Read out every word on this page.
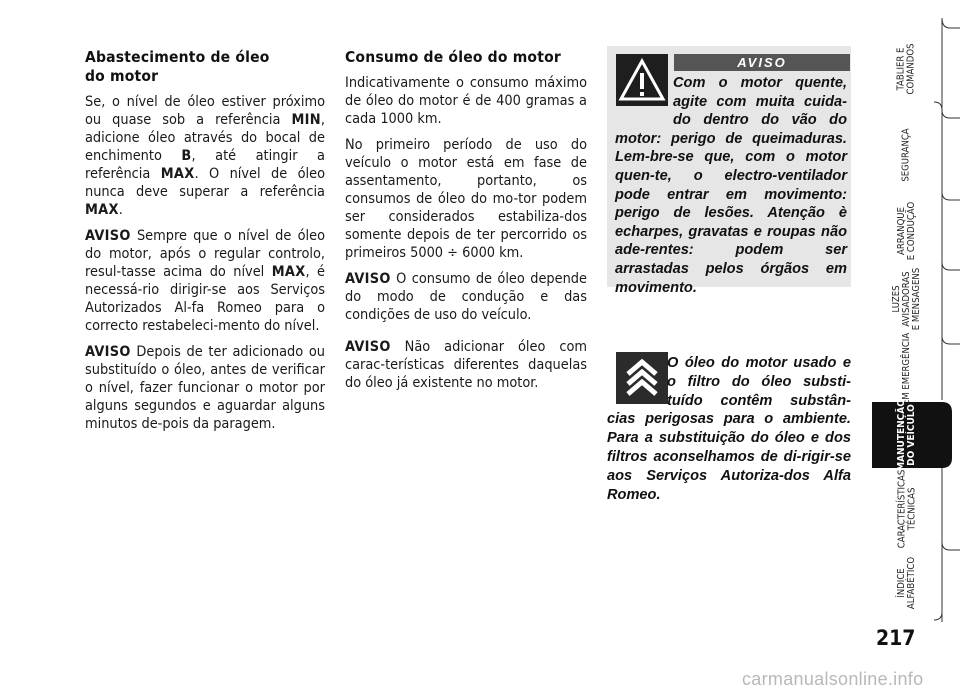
Abastecimento de óleo
do motor

Se, o nível de óleo estiver próximo ou quase sob a referência MIN, adicione óleo através do bocal de enchimento B, até atingir a referência MAX. O nível de óleo nunca deve superar a referência MAX.

AVISO Sempre que o nível de óleo do motor, após o regular controlo, resul-tasse acima do nível MAX, é necessá-rio dirigir-se aos Serviços Autorizados Al-fa Romeo para o correcto restabeleci-mento do nível.

AVISO Depois de ter adicionado ou substituído o óleo, antes de verificar o nível, fazer funcionar o motor por alguns segundos e aguardar alguns minutos de-pois da paragem.

Consumo de óleo do motor

Indicativamente o consumo máximo de óleo do motor é de 400 gramas a cada 1000 km.

No primeiro período de uso do veículo o motor está em fase de assentamento, portanto, os consumos de óleo do mo-tor podem ser considerados estabiliza-dos somente depois de ter percorrido os primeiros 5000 ÷ 6000 km.

AVISO O consumo de óleo depende do modo de condução e das condições de uso do veículo.

AVISO Não adicionar óleo com carac-terísticas diferentes daquelas do óleo já existente no motor.

AVISO
Com o motor quente, agite com muita cuida-do dentro do vão do motor: perigo de queimaduras. Lem-bre-se que, com o motor quen-te, o electro-ventilador pode entrar em movimento: perigo de lesões. Atenção è echarpes, gravatas e roupas não ade-rentes: podem ser arrastadas pelos órgãos em movimento.
O óleo do motor usado e o filtro do óleo substi-tuído contêm substân-cias perigosas para o ambiente. Para a substituição do óleo e dos filtros aconselhamos de di-rigir-se aos Serviços Autoriza-dos Alfa Romeo.
TABLIER E
COMANDOS
SEGURANÇA
ARRANQUE
E CONDUÇÃO
LUZES
AVISADORAS
E MENSAGENS
EM EMERGÊNCIA
MANUTENÇÃO
DO VEÍCULO
CARACTERÍSTICAS
TÉCNICAS
ÍNDICE
ALFABÉTICO
217
carmanualsonline.info
